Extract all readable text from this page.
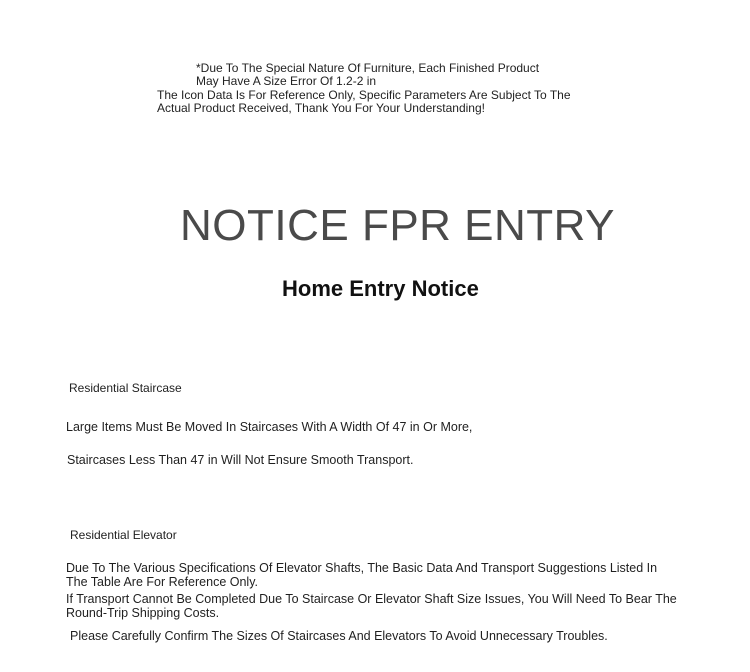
*Due To The Special Nature Of Furniture, Each Finished Product
May Have A Size Error Of 1.2-2 in
The Icon Data Is For Reference Only, Specific Parameters Are Subject To The
Actual Product Received, Thank You For Your Understanding!
NOTICE FPR ENTRY
Home Entry Notice
Residential Staircase
Large Items Must Be Moved In Staircases With A Width Of 47 in Or More,
Staircases Less Than 47 in Will Not Ensure Smooth Transport.
Residential Elevator
Due To The Various Specifications Of Elevator Shafts, The Basic Data And Transport Suggestions Listed In
The Table Are For Reference Only.
If Transport Cannot Be Completed Due To Staircase Or Elevator Shaft Size Issues, You Will Need To Bear The
Round-Trip Shipping Costs.
Please Carefully Confirm The Sizes Of Staircases And Elevators To Avoid Unnecessary Troubles.
